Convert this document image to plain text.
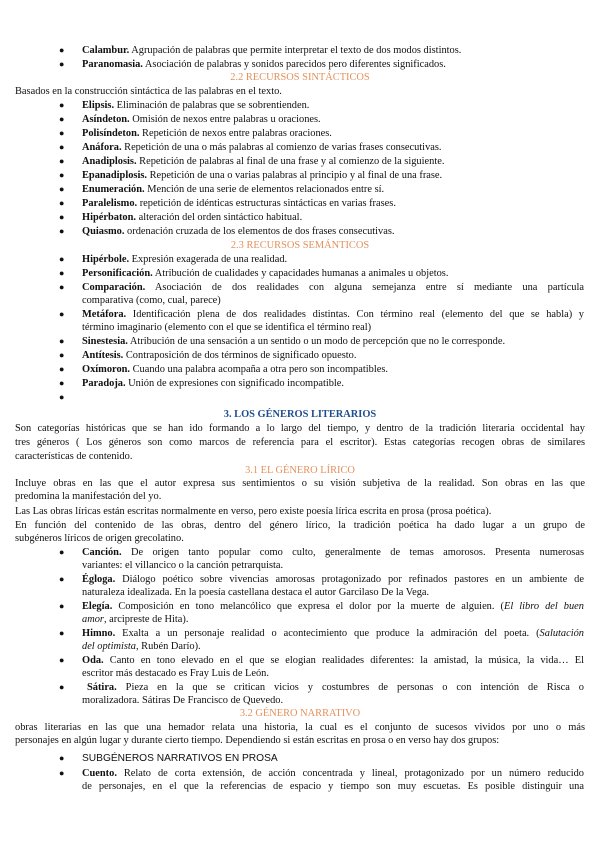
● Calambur. Agrupación de palabras que permite interpretar el texto de dos modos distintos.
● Paranomasia. Asociación de palabras y sonidos parecidos pero diferentes significados.
2.2 RECURSOS SINTÁCTICOS
Basados en la construcción sintáctica de las palabras en el texto.
● Elipsis. Eliminación de palabras que se sobrentienden.
● Asíndeton. Omisión de nexos entre palabras u oraciones.
● Polisíndeton. Repetición de nexos entre palabras oraciones.
● Anáfora. Repetición de una o más palabras al comienzo de varias frases consecutivas.
● Anadiplosis. Repetición de palabras al final de una frase y al comienzo de la siguiente.
● Epanadiplosis. Repetición de una o varias palabras al principio y al final de una frase.
● Enumeración. Mención de una serie de elementos relacionados entre sí.
● Paralelismo. repetición de idénticas estructuras sintácticas en varias frases.
● Hipérbaton. alteración del orden sintáctico habitual.
● Quiasmo. ordenación cruzada de los elementos de dos frases consecutivas.
2.3 RECURSOS SEMÁNTICOS
● Hipérbole. Expresión exagerada de una realidad.
● Personificación. Atribución de cualidades y capacidades humanas a animales u objetos.
● Comparación. Asociación de dos realidades con alguna semejanza entre sí mediante una partícula
comparativa (como, cual, parece)
● Metáfora. Identificación plena de dos realidades distintas. Con término real (elemento del que se habla) y
término imaginario (elemento con el que se identifica el término real)
● Sinestesia. Atribución de una sensación a un sentido o un modo de percepción que no le corresponde.
● Antítesis. Contraposición de dos términos de significado opuesto.
● Oxímoron. Cuando una palabra acompaña a otra pero son incompatibles.
● Paradoja. Unión de expresiones con significado incompatible.
●
3. LOS GÉNEROS LITERARIOS
Son categorías históricas que se han ido formando a lo largo del tiempo, y dentro de la tradición literaria occidental hay
tres géneros ( Los géneros son como marcos de referencia para el escritor). Estas categorías recogen obras de similares
características de contenido.
3.1 EL GÉNERO LÍRICO
Incluye obras en las que el autor expresa sus sentimientos o su visión subjetiva de la realidad. Son obras en las que
predomina la manifestación del yo.
Las Las obras líricas están escritas normalmente en verso, pero existe poesía lírica escrita en prosa (prosa poética).
En función del contenido de las obras, dentro del género lírico, la tradición poética ha dado lugar a un grupo de
subgéneros líricos de origen grecolatino.
● Canción. De origen tanto popular como culto, generalmente de temas amorosos. Presenta numerosas
variantes: el villancico o la canción petrarquista.
● Égloga. Diálogo poético sobre vivencias amorosas protagonizado por refinados pastores en un ambiente de
naturaleza idealizada. En la poesía castellana destaca el autor Garcilaso De la Vega.
● Elegía. Composición en tono melancólico que expresa el dolor por la muerte de alguien. (El libro del buen
amor, arcipreste de Hita).
● Himno. Exalta a un personaje realidad o acontecimiento que produce la admiración del poeta. (Salutación
del optimista, Rubén Darío).
● Oda. Canto en tono elevado en el que se elogian realidades diferentes: la amistad, la música, la vida… El
escritor más destacado es Fray Luis de León.
● Sátira. Pieza en la que se critican vicios y costumbres de personas o con intención de Risca o
moralizadora. Sátiras De Francisco de Quevedo.
3.2 GÉNERO NARRATIVO
obras literarias en las que una hemador relata una historia, la cual es el conjunto de sucesos vividos por uno o más
personajes en algún lugar y durante cierto tiempo. Dependiendo si están escritas en prosa o en verso hay dos grupos:
● SUBGÉNEROS NARRATIVOS EN PROSA
● Cuento. Relato de corta extensión, de acción concentrada y lineal, protagonizado por un número reducido
de personajes, en el que la referencias de espacio y tiempo son muy escuetas. Es posible distinguir una
